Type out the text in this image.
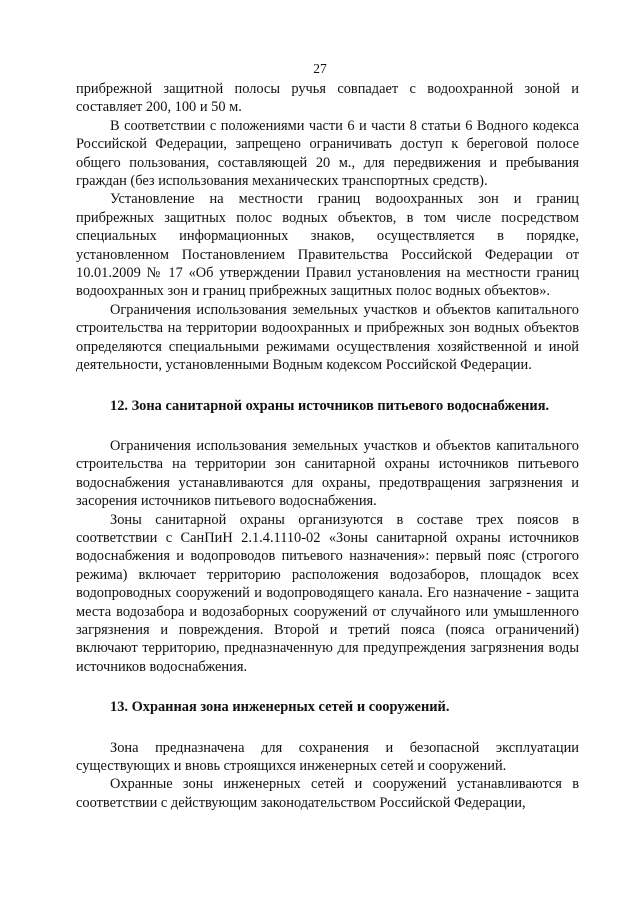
27

прибрежной защитной полосы ручья совпадает с водоохранной зоной и составляет 200, 100 и 50 м.

В соответствии с положениями части 6 и части 8 статьи 6 Водного кодекса Российской Федерации, запрещено ограничивать доступ к береговой полосе общего пользования, составляющей 20 м., для передвижения и пребывания граждан (без использования механических транспортных средств).

Установление на местности границ водоохранных зон и границ прибрежных защитных полос водных объектов, в том числе посредством специальных информационных знаков, осуществляется в порядке, установленном Постановлением Правительства Российской Федерации от 10.01.2009 № 17 «Об утверждении Правил установления на местности границ водоохранных зон и границ прибрежных защитных полос водных объектов».

Ограничения использования земельных участков и объектов капитального строительства на территории водоохранных и прибрежных зон водных объектов определяются специальными режимами осуществления хозяйственной и иной деятельности, установленными Водным кодексом Российской Федерации.

12. Зона санитарной охраны источников питьевого водоснабжения.

Ограничения использования земельных участков и объектов капитального строительства на территории зон санитарной охраны источников питьевого водоснабжения устанавливаются для охраны, предотвращения загрязнения и засорения источников питьевого водоснабжения.

Зоны санитарной охраны организуются в составе трех поясов в соответствии с СанПиН 2.1.4.1110-02 «Зоны санитарной охраны источников водоснабжения и водопроводов питьевого назначения»: первый пояс (строгого режима) включает территорию расположения водозаборов, площадок всех водопроводных сооружений и водопроводящего канала. Его назначение - защита места водозабора и водозаборных сооружений от случайного или умышленного загрязнения и повреждения. Второй и третий пояса (пояса ограничений) включают территорию, предназначенную для предупреждения загрязнения воды источников водоснабжения.

13. Охранная зона инженерных сетей и сооружений.

Зона предназначена для сохранения и безопасной эксплуатации существующих и вновь строящихся инженерных сетей и сооружений.

Охранные зоны инженерных сетей и сооружений устанавливаются в соответствии с действующим законодательством Российской Федерации,
